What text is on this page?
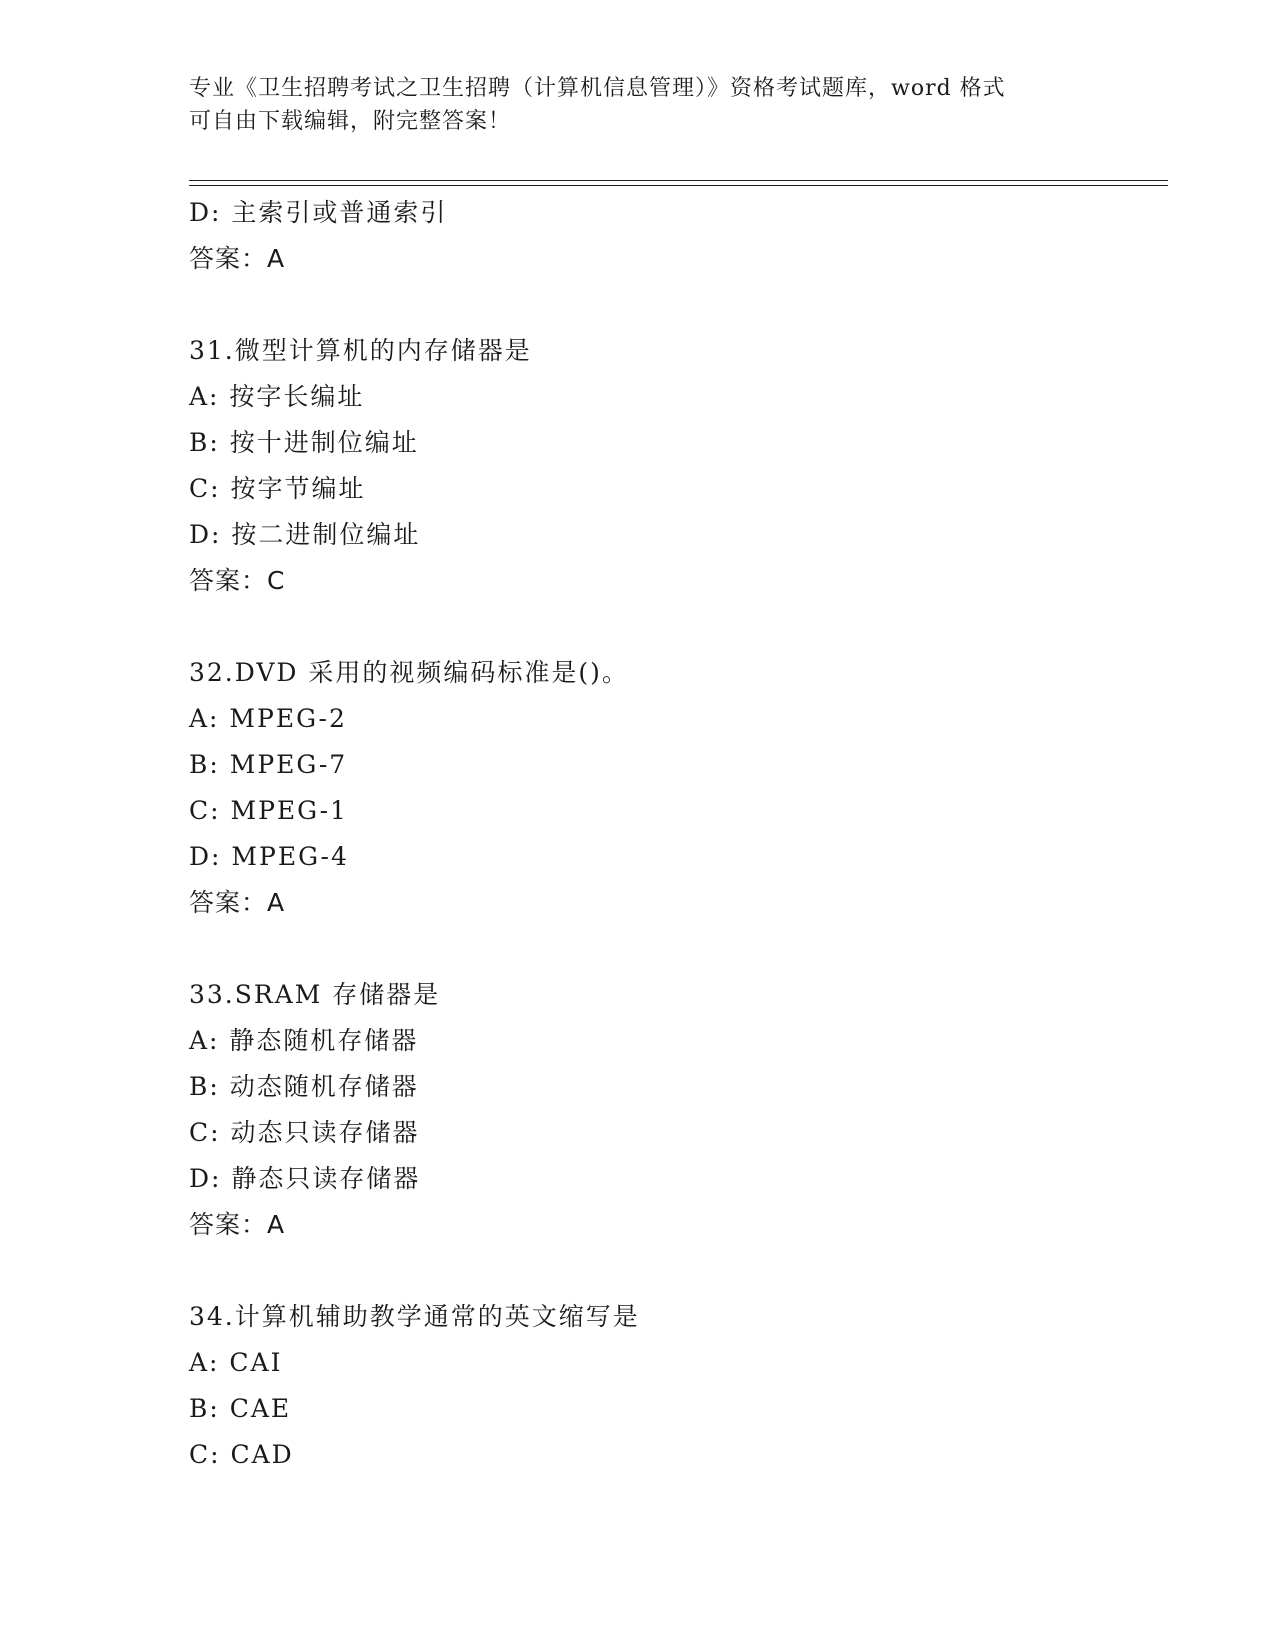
专业《卫生招聘考试之卫生招聘（计算机信息管理）》资格考试题库，word 格式
可自由下载编辑，附完整答案！
D: 主索引或普通索引
答案：A
31.微型计算机的内存储器是
A: 按字长编址
B: 按十进制位编址
C: 按字节编址
D: 按二进制位编址
答案：C
32.DVD 采用的视频编码标准是()。
A: MPEG-2
B: MPEG-7
C: MPEG-1
D: MPEG-4
答案：A
33.SRAM 存储器是
A: 静态随机存储器
B: 动态随机存储器
C: 动态只读存储器
D: 静态只读存储器
答案：A
34.计算机辅助教学通常的英文缩写是
A: CAI
B: CAE
C: CAD
